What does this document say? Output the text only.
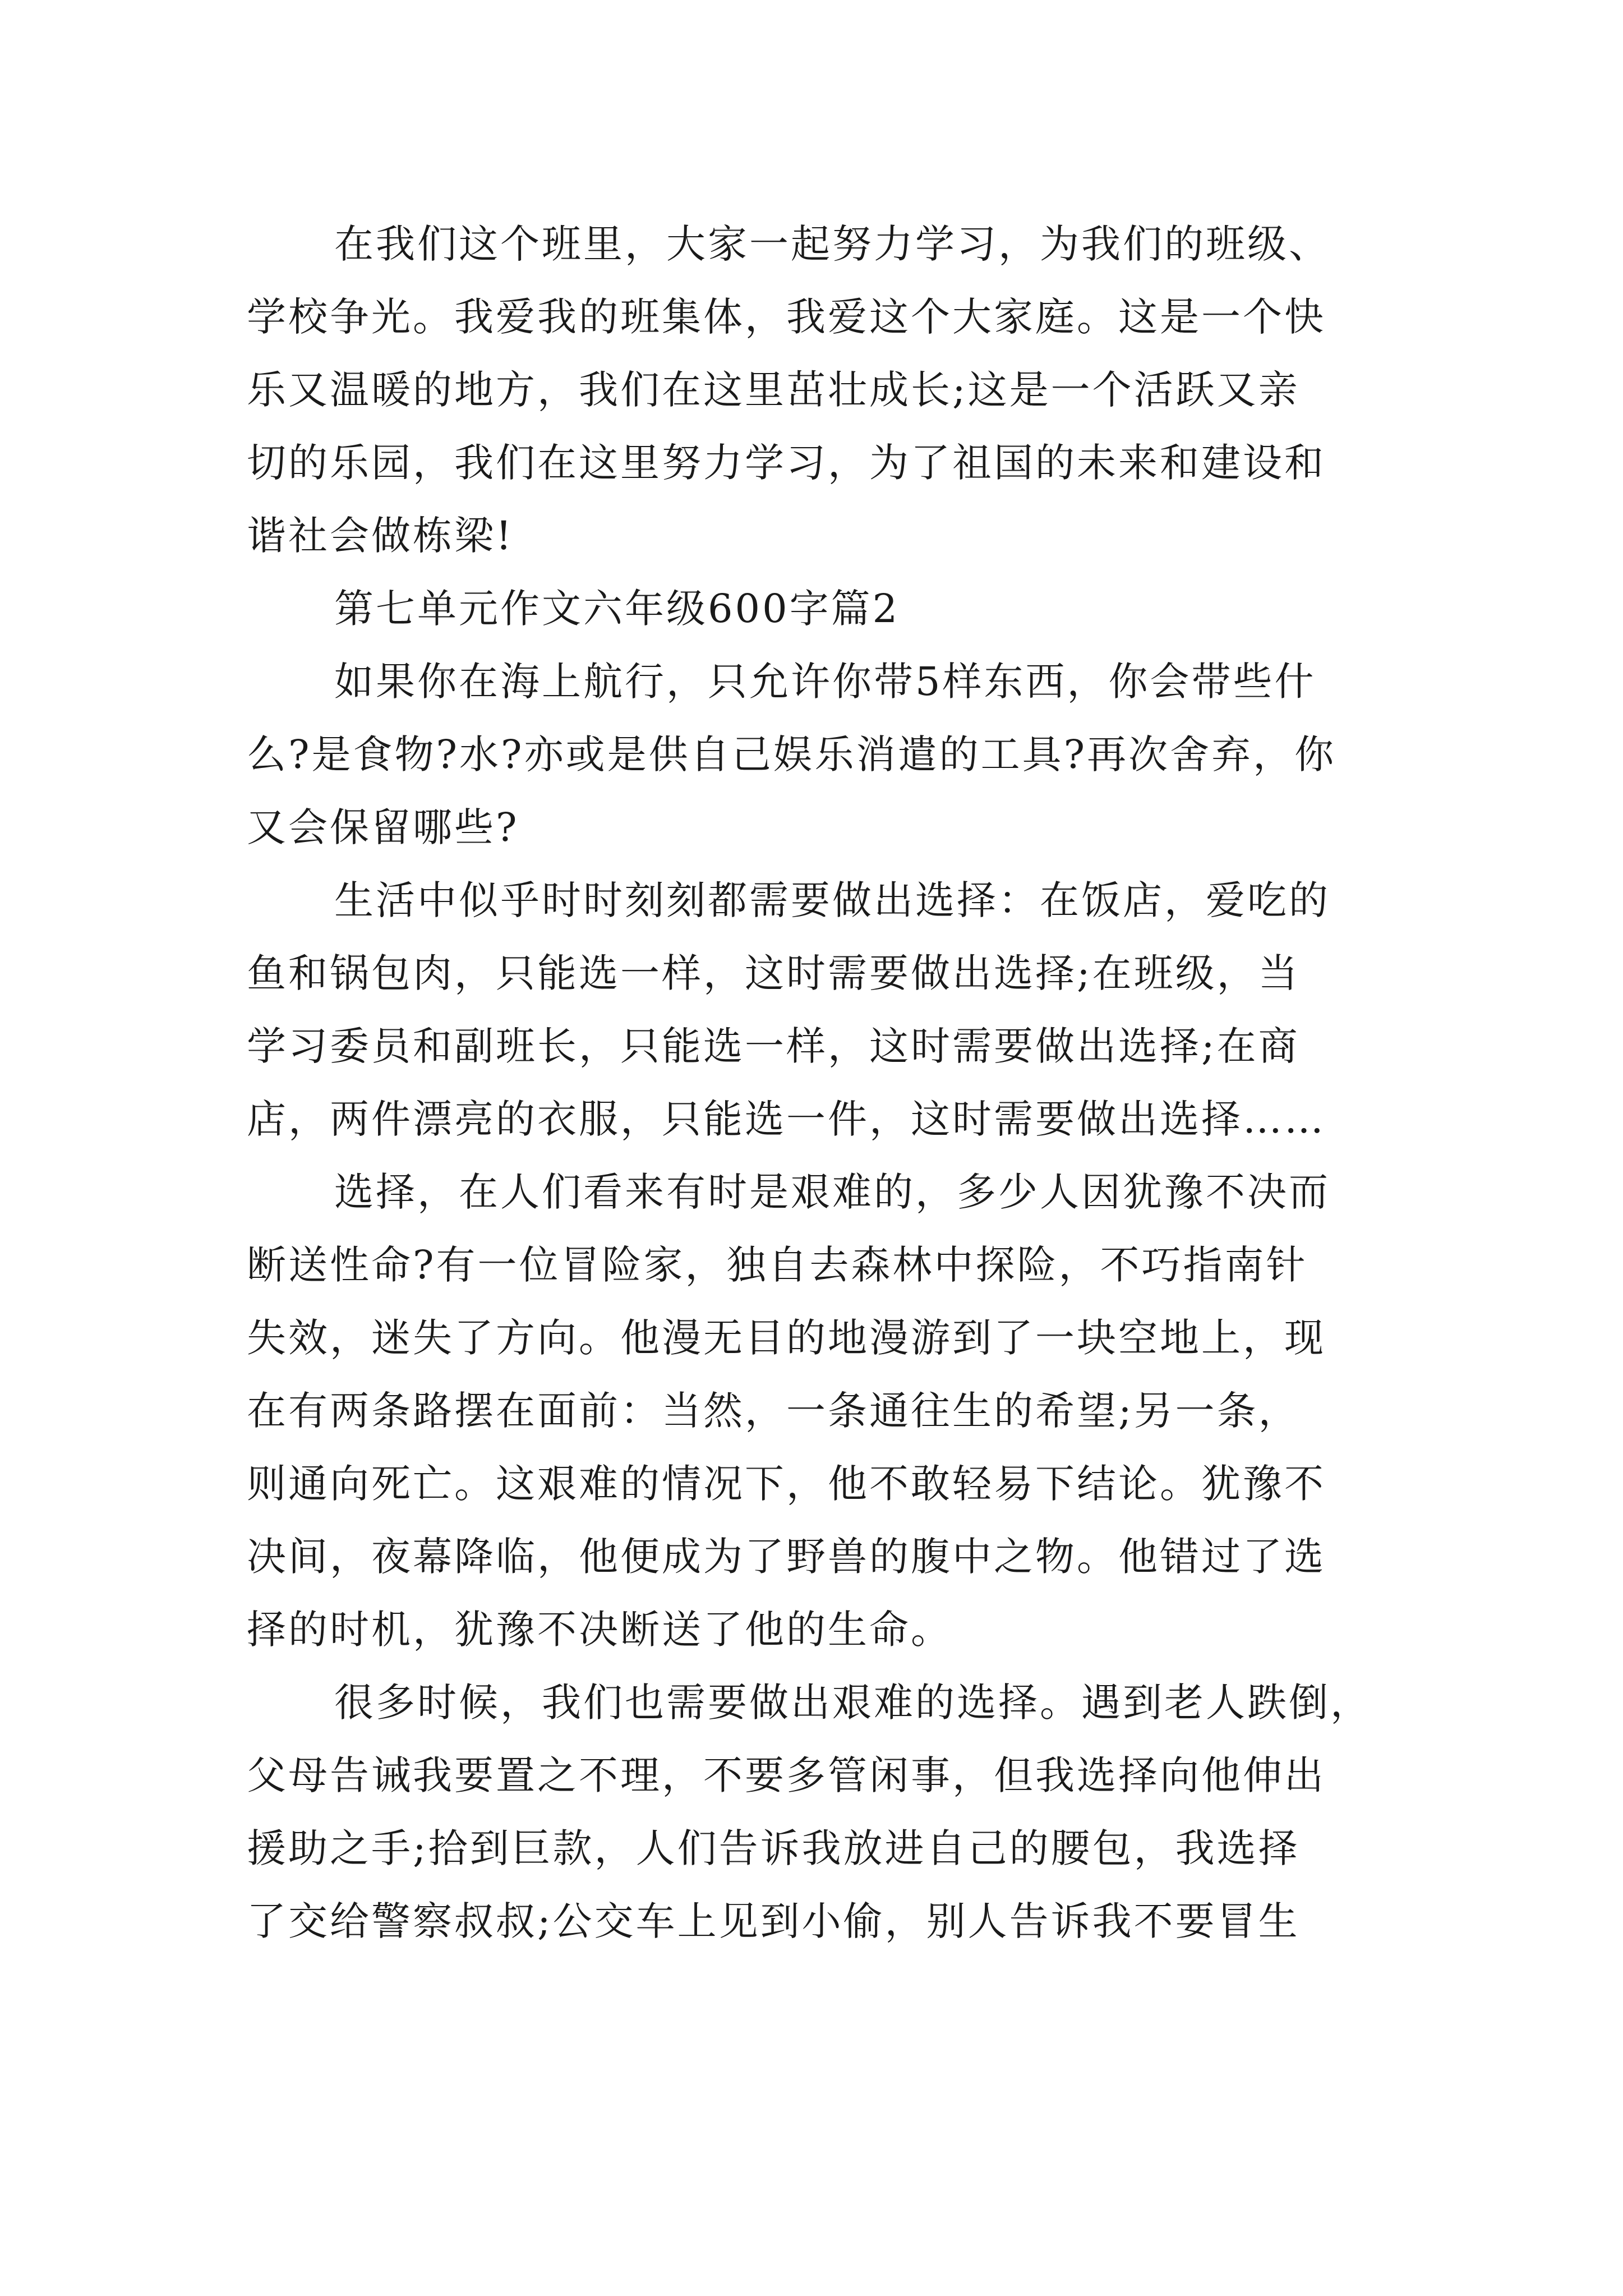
在我们这个班里，大家一起努力学习，为我们的班级、
学校争光。我爱我的班集体，我爱这个大家庭。这是一个快
乐又温暖的地方，我们在这里茁壮成长;这是一个活跃又亲
切的乐园，我们在这里努力学习，为了祖国的未来和建设和
谐社会做栋梁!
第七单元作文六年级600字篇2
如果你在海上航行，只允许你带5样东西，你会带些什
么?是食物?水?亦或是供自己娱乐消遣的工具?再次舍弃，你
又会保留哪些?
生活中似乎时时刻刻都需要做出选择：在饭店，爱吃的
鱼和锅包肉，只能选一样，这时需要做出选择;在班级，当
学习委员和副班长，只能选一样，这时需要做出选择;在商
店，两件漂亮的衣服，只能选一件，这时需要做出选择……
选择，在人们看来有时是艰难的，多少人因犹豫不决而
断送性命?有一位冒险家，独自去森林中探险，不巧指南针
失效，迷失了方向。他漫无目的地漫游到了一块空地上，现
在有两条路摆在面前：当然，一条通往生的希望;另一条，
则通向死亡。这艰难的情况下，他不敢轻易下结论。犹豫不
决间，夜幕降临，他便成为了野兽的腹中之物。他错过了选
择的时机，犹豫不决断送了他的生命。
很多时候，我们也需要做出艰难的选择。遇到老人跌倒，
父母告诫我要置之不理，不要多管闲事，但我选择向他伸出
援助之手;拾到巨款，人们告诉我放进自己的腰包，我选择
了交给警察叔叔;公交车上见到小偷，别人告诉我不要冒生
